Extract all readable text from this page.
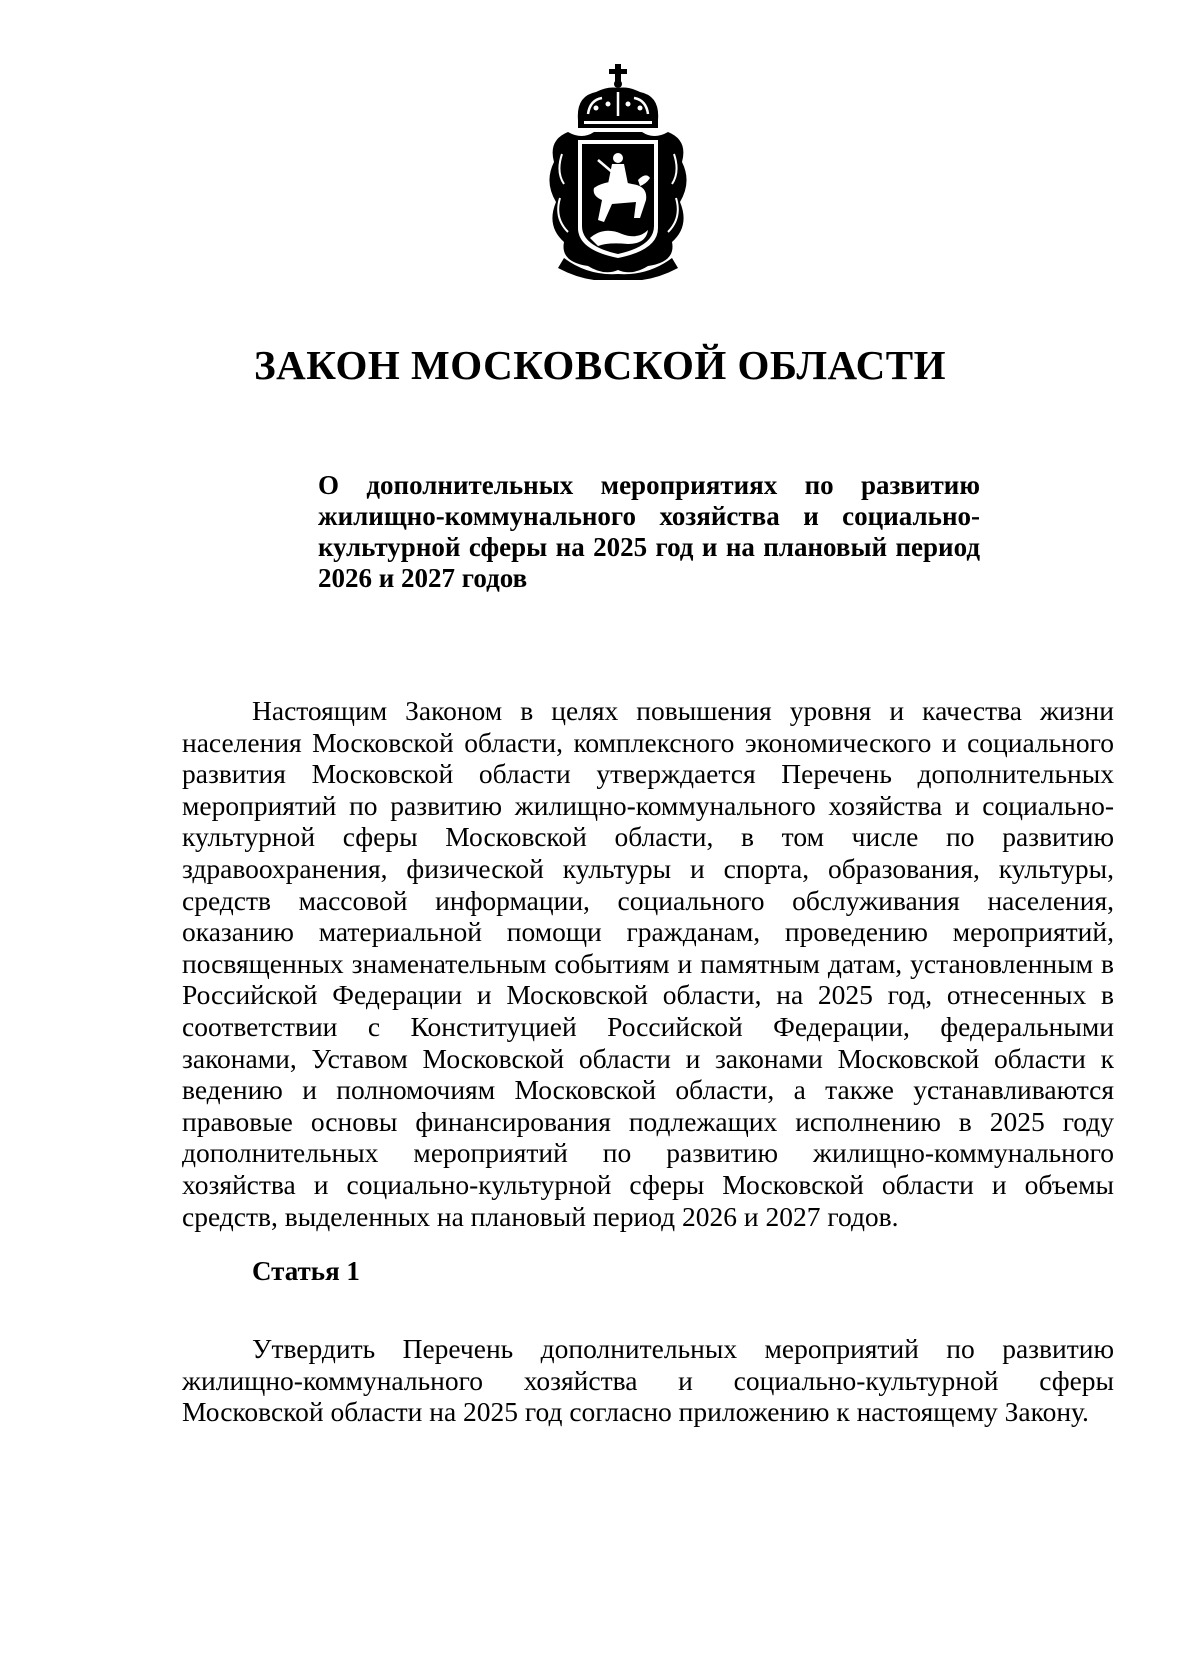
ЗАКОН МОСКОВСКОЙ ОБЛАСТИ
О дополнительных мероприятиях по развитию жилищно-коммунального хозяйства и социально-культурной сферы на 2025 год и на плановый период 2026 и 2027 годов
Настоящим Законом в целях повышения уровня и качества жизни населения Московской области, комплексного экономического и социального развития Московской области утверждается Перечень дополнительных мероприятий по развитию жилищно-коммунального хозяйства и социально-культурной сферы Московской области, в том числе по развитию здравоохранения, физической культуры и спорта, образования, культуры, средств массовой информации, социального обслуживания населения, оказанию материальной помощи гражданам, проведению мероприятий, посвященных знаменательным событиям и памятным датам, установленным в Российской Федерации и Московской области, на 2025 год, отнесенных в соответствии с Конституцией Российской Федерации, федеральными законами, Уставом Московской области и законами Московской области к ведению и полномочиям Московской области, а также устанавливаются правовые основы финансирования подлежащих исполнению в 2025 году дополнительных мероприятий по развитию жилищно-коммунального хозяйства и социально-культурной сферы Московской области и объемы средств, выделенных на плановый период 2026 и 2027 годов.
Статья 1
Утвердить Перечень дополнительных мероприятий по развитию жилищно-коммунального хозяйства и социально-культурной сферы Московской области на 2025 год согласно приложению к настоящему Закону.
